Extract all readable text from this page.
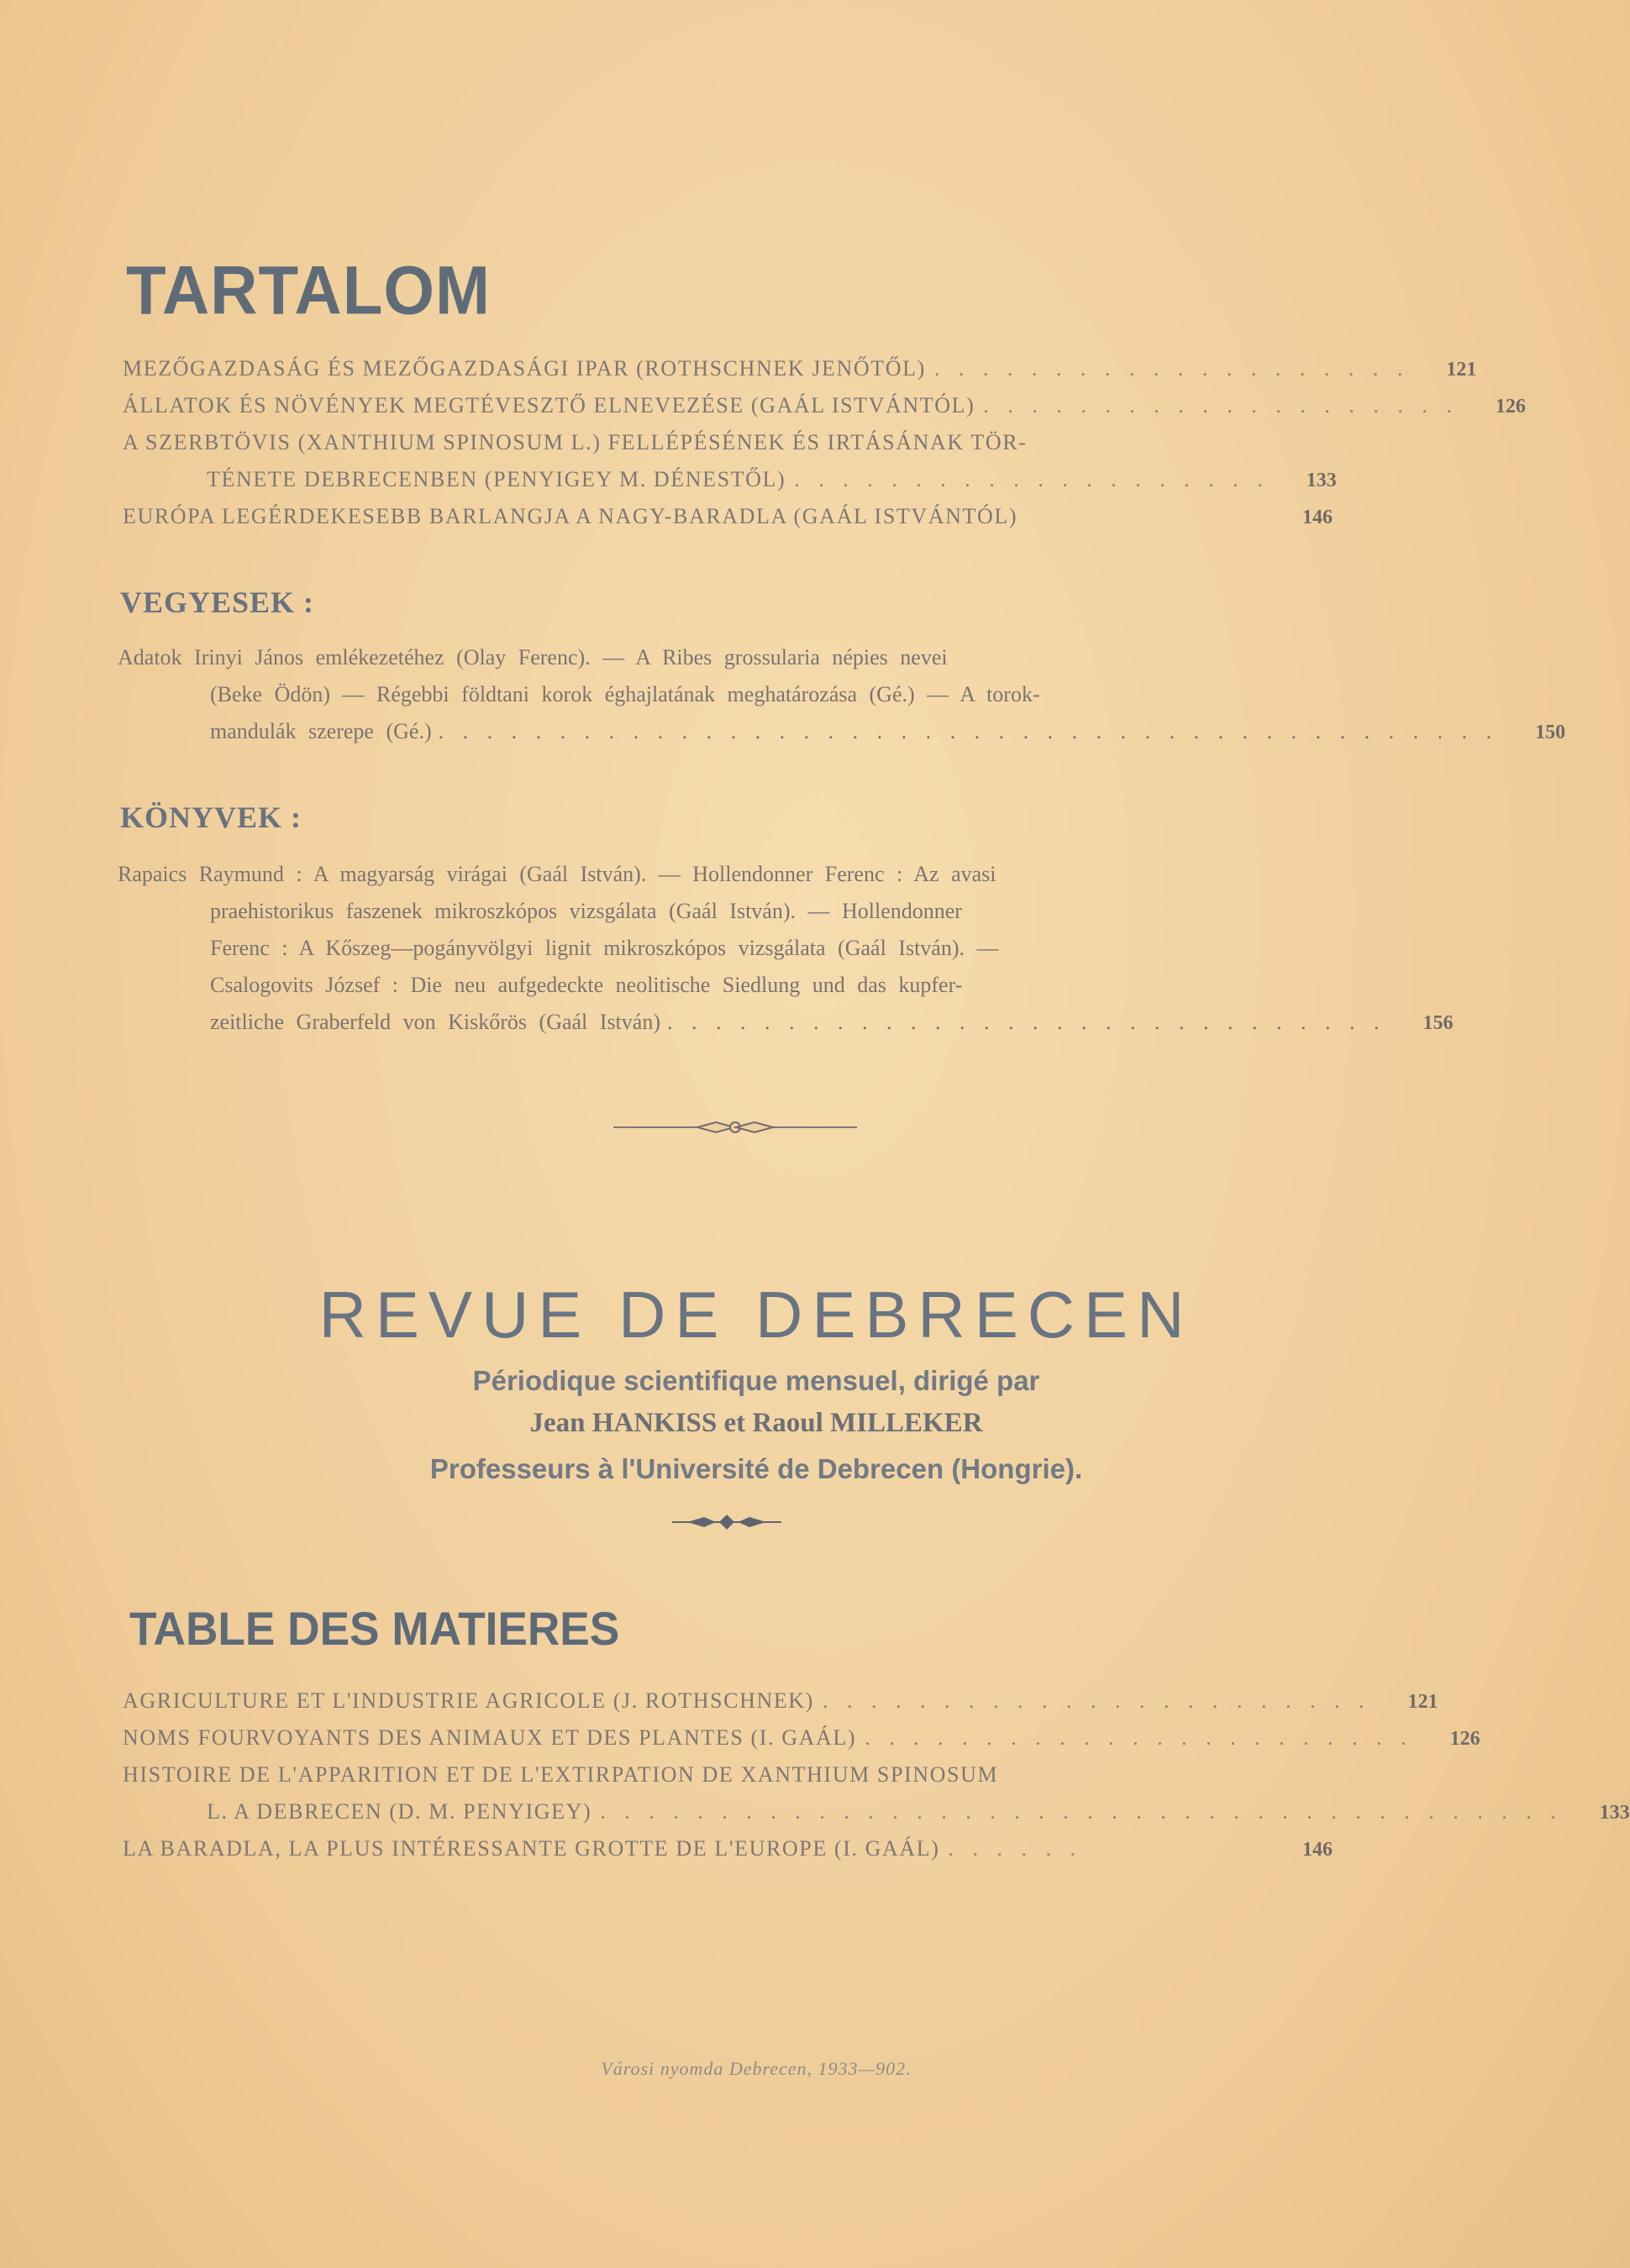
TARTALOM
MEZŐGAZDASÁG ÉS MEZŐGAZDASÁGI IPAR (ROTHSCHNEK JENŐTŐL) . . . . . . . . . . . . . . . . . . . .	121
ÁLLATOK ÉS NÖVÉNYEK MEGTÉVESZTŐ ELNEVEZÉSE (GAÁL ISTVÁNTÓL) . . . . . . . . . . . . . . . . . . . .	126
A SZERBTÖVIS (XANTHIUM SPINOSUM L.) FELLÉPÉSÉNEK ÉS IRTÁSÁNAK TÖR-
TÉNETE DEBRECENBEN (PENYIGEY M. DÉNESTŐL) . . . . . . . . . . . . . . . . . . . .	133
EURÓPA LEGÉRDEKESEBB BARLANGJA A NAGY-BARADLA (GAÁL ISTVÁNTÓL)	146
VEGYESEK :
Adatok Irinyi János emlékezetéhez (Olay Ferenc). — A Ribes grossularia népies nevei
(Beke Ödön) — Régebbi földtani korok éghajlatának meghatározása (Gé.) — A torok-
mandulák szerepe (Gé.) . . . . . . . . . . . . . . . . . . . . . . . . . . . . . . . . . . . . . . . . . . . .	150
KÖNYVEK :
Rapaics Raymund : A magyarság virágai (Gaál István). — Hollendonner Ferenc : Az avasi
praehistorikus faszenek mikroszkópos vizsgálata (Gaál István). — Hollendonner
Ferenc : A Kőszeg—pogányvölgyi lignit mikroszkópos vizsgálata (Gaál István). —
Csalogovits József : Die neu aufgedeckte neolitische Siedlung und das kupfer-
zeitliche Graberfeld von Kiskőrös (Gaál István) . . . . . . . . . . . . . . . . . . . . . . . . . . . . . .	156
REVUE DE DEBRECEN
Périodique scientifique mensuel, dirigé par
Jean HANKISS et Raoul MILLEKER
Professeurs à l'Université de Debrecen (Hongrie).
TABLE DES MATIERES
AGRICULTURE ET L'INDUSTRIE AGRICOLE (J. ROTHSCHNEK) . . . . . . . . . . . . . . . . . . . . . . .	121
NOMS FOURVOYANTS DES ANIMAUX ET DES PLANTES (I. GAÁL) . . . . . . . . . . . . . . . . . . . . . . .	126
HISTOIRE DE L'APPARITION ET DE L'EXTIRPATION DE XANTHIUM SPINOSUM
L. A DEBRECEN (D. M. PENYIGEY) . . . . . . . . . . . . . . . . . . . . . . . . . . . . . . . . . . . . . . . .	133
LA BARADLA, LA PLUS INTÉRESSANTE GROTTE DE L'EUROPE (I. GAÁL) . . . . . .	146
Városi nyomda Debrecen, 1933—902.
